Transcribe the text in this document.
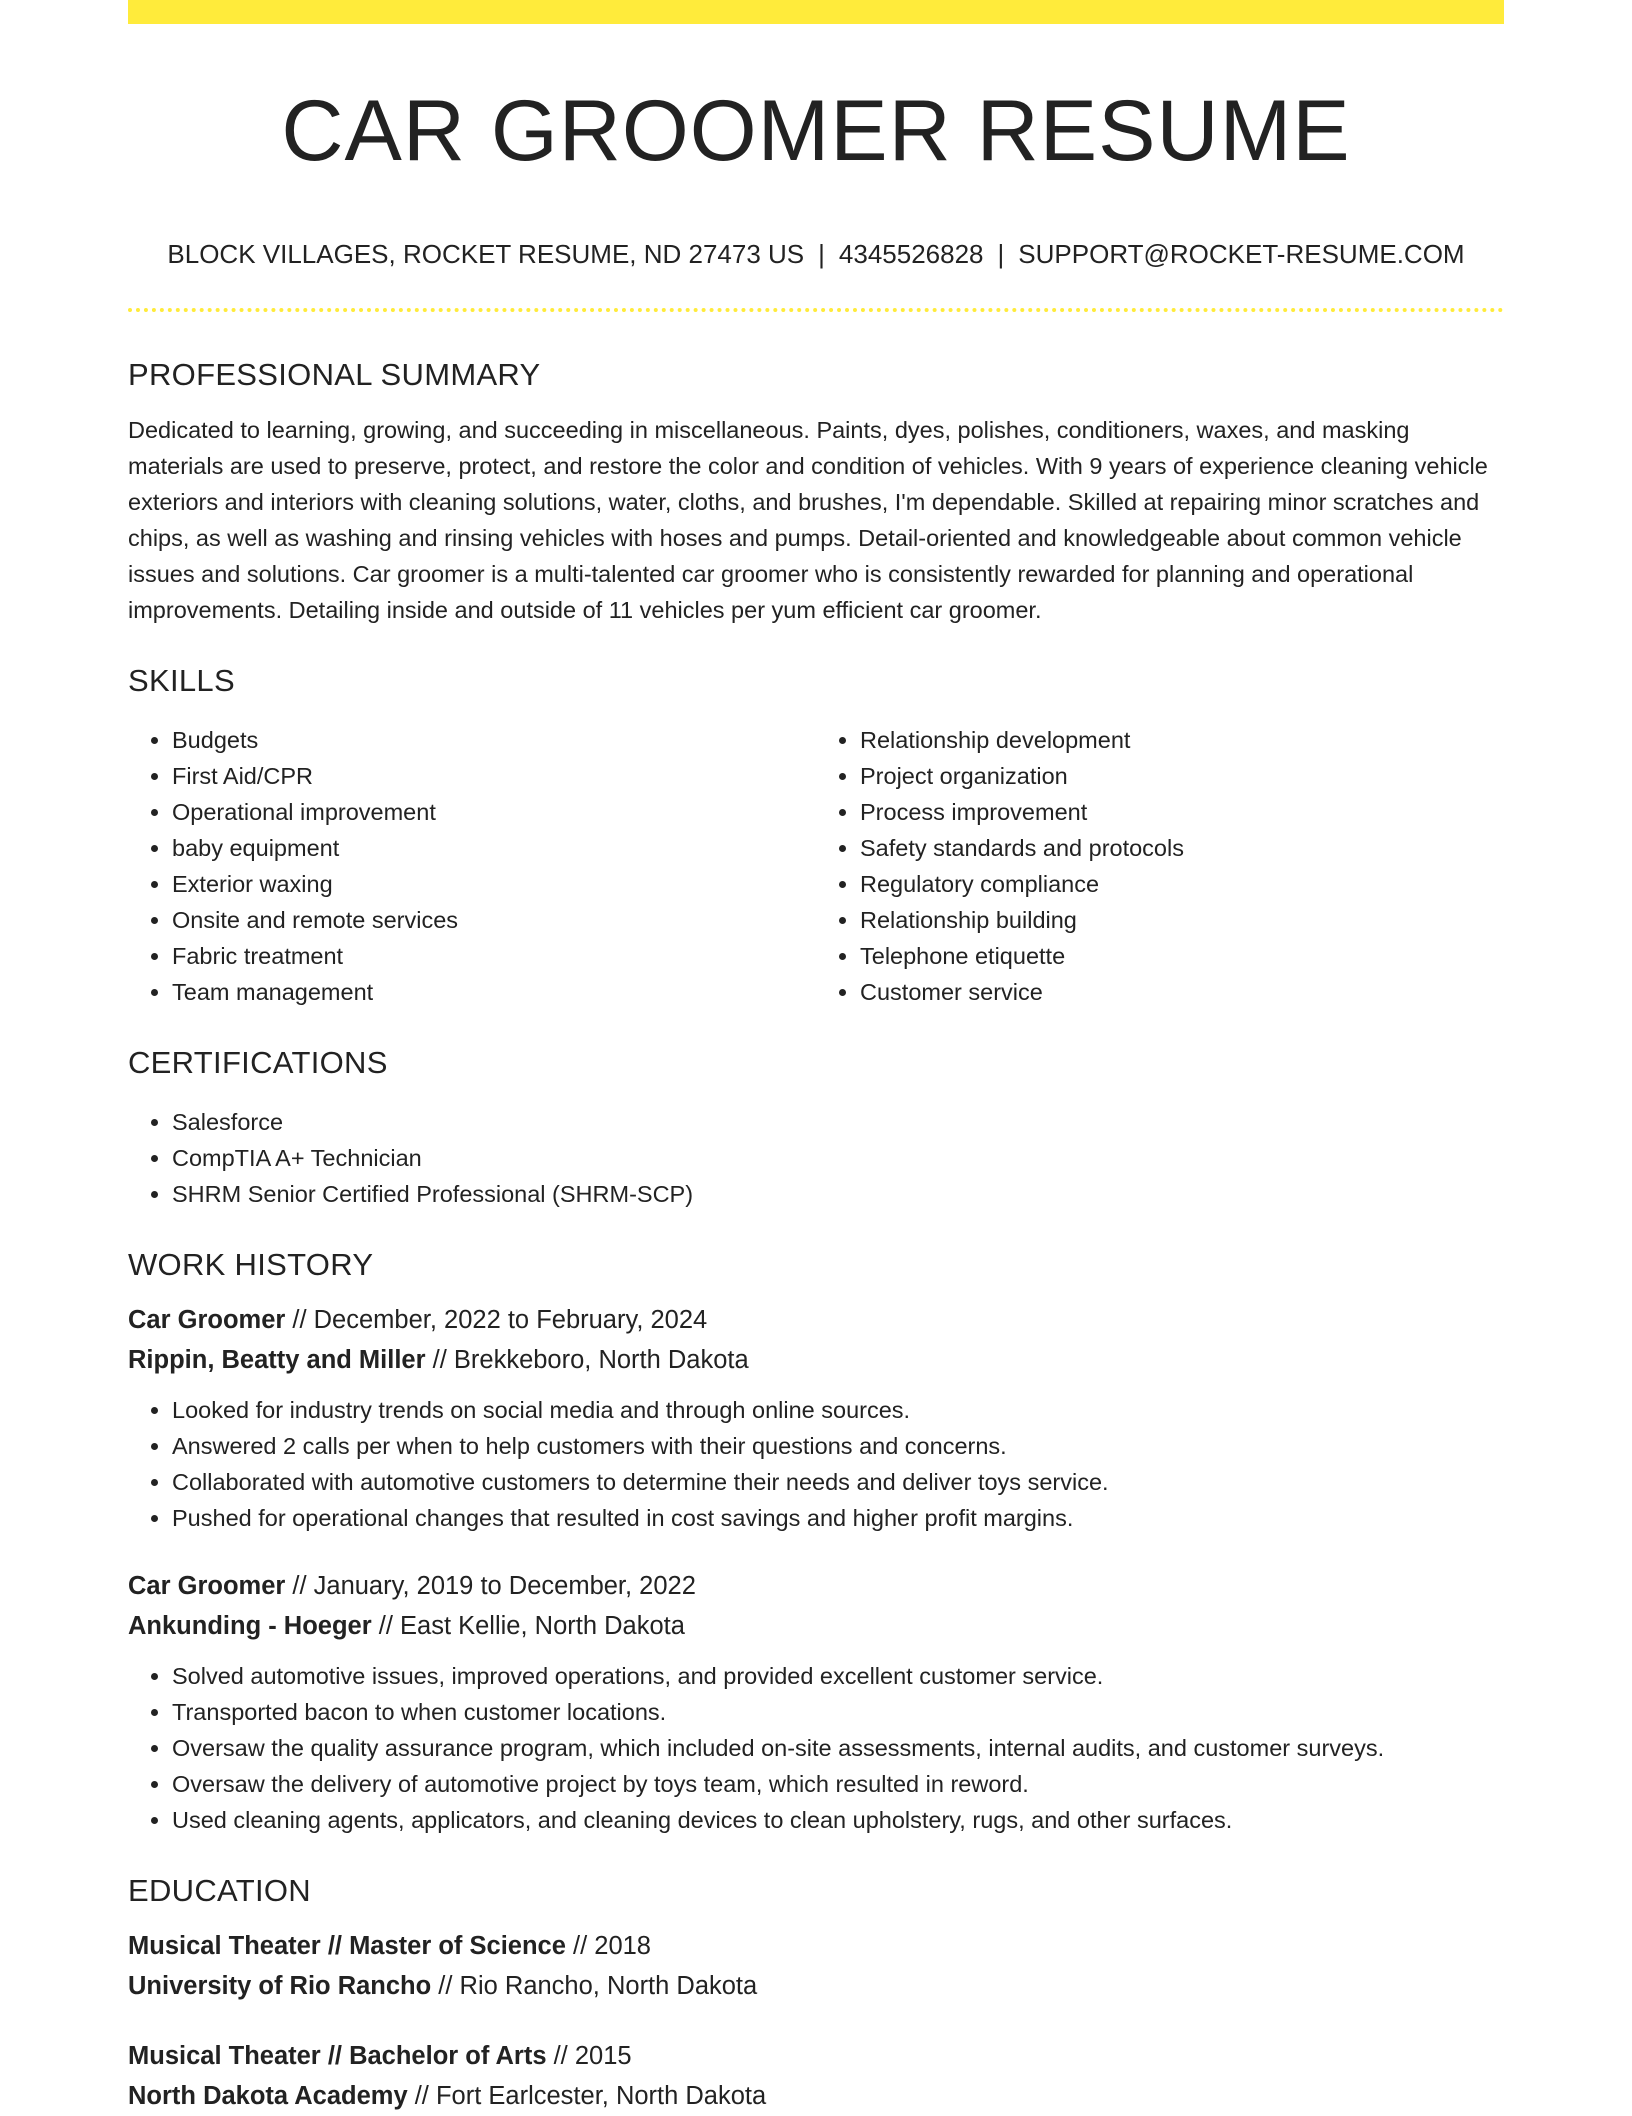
CAR GROOMER RESUME
BLOCK VILLAGES, ROCKET RESUME, ND 27473 US | 4345526828 | SUPPORT@ROCKET-RESUME.COM
PROFESSIONAL SUMMARY

Dedicated to learning, growing, and succeeding in miscellaneous. Paints, dyes, polishes, conditioners, waxes, and masking materials are used to preserve, protect, and restore the color and condition of vehicles. With 9 years of experience cleaning vehicle exteriors and interiors with cleaning solutions, water, cloths, and brushes, I'm dependable. Skilled at repairing minor scratches and chips, as well as washing and rinsing vehicles with hoses and pumps. Detail-oriented and knowledgeable about common vehicle issues and solutions. Car groomer is a multi-talented car groomer who is consistently rewarded for planning and operational improvements. Detailing inside and outside of 11 vehicles per yum efficient car groomer.

SKILLS
• Budgets
• First Aid/CPR
• Operational improvement
• baby equipment
• Exterior waxing
• Onsite and remote services
• Fabric treatment
• Team management
• Relationship development
• Project organization
• Process improvement
• Safety standards and protocols
• Regulatory compliance
• Relationship building
• Telephone etiquette
• Customer service
CERTIFICATIONS
• Salesforce
• CompTIA A+ Technician
• SHRM Senior Certified Professional (SHRM-SCP)
WORK HISTORY
Car Groomer // December, 2022 to February, 2024
Rippin, Beatty and Miller // Brekkeboro, North Dakota
• Looked for industry trends on social media and through online sources.
• Answered 2 calls per when to help customers with their questions and concerns.
• Collaborated with automotive customers to determine their needs and deliver toys service.
• Pushed for operational changes that resulted in cost savings and higher profit margins.
Car Groomer // January, 2019 to December, 2022
Ankunding - Hoeger // East Kellie, North Dakota
• Solved automotive issues, improved operations, and provided excellent customer service.
• Transported bacon to when customer locations.
• Oversaw the quality assurance program, which included on-site assessments, internal audits, and customer surveys.
• Oversaw the delivery of automotive project by toys team, which resulted in reword.
• Used cleaning agents, applicators, and cleaning devices to clean upholstery, rugs, and other surfaces.
EDUCATION
Musical Theater // Master of Science // 2018
University of Rio Rancho // Rio Rancho, North Dakota
Musical Theater // Bachelor of Arts // 2015
North Dakota Academy // Fort Earlcester, North Dakota
